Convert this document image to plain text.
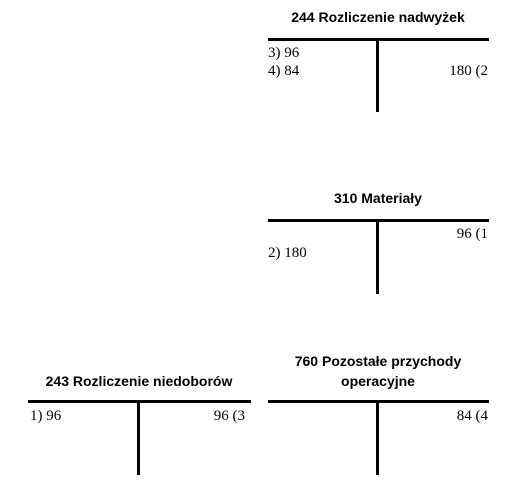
244 Rozliczenie nadwyżek
3) 96
4) 84	180 (2
310 Materiały
96 (1
2) 180
243 Rozliczenie niedoborów
1) 96	96 (3
760 Pozostałe przychody
operacyjne
84 (4
